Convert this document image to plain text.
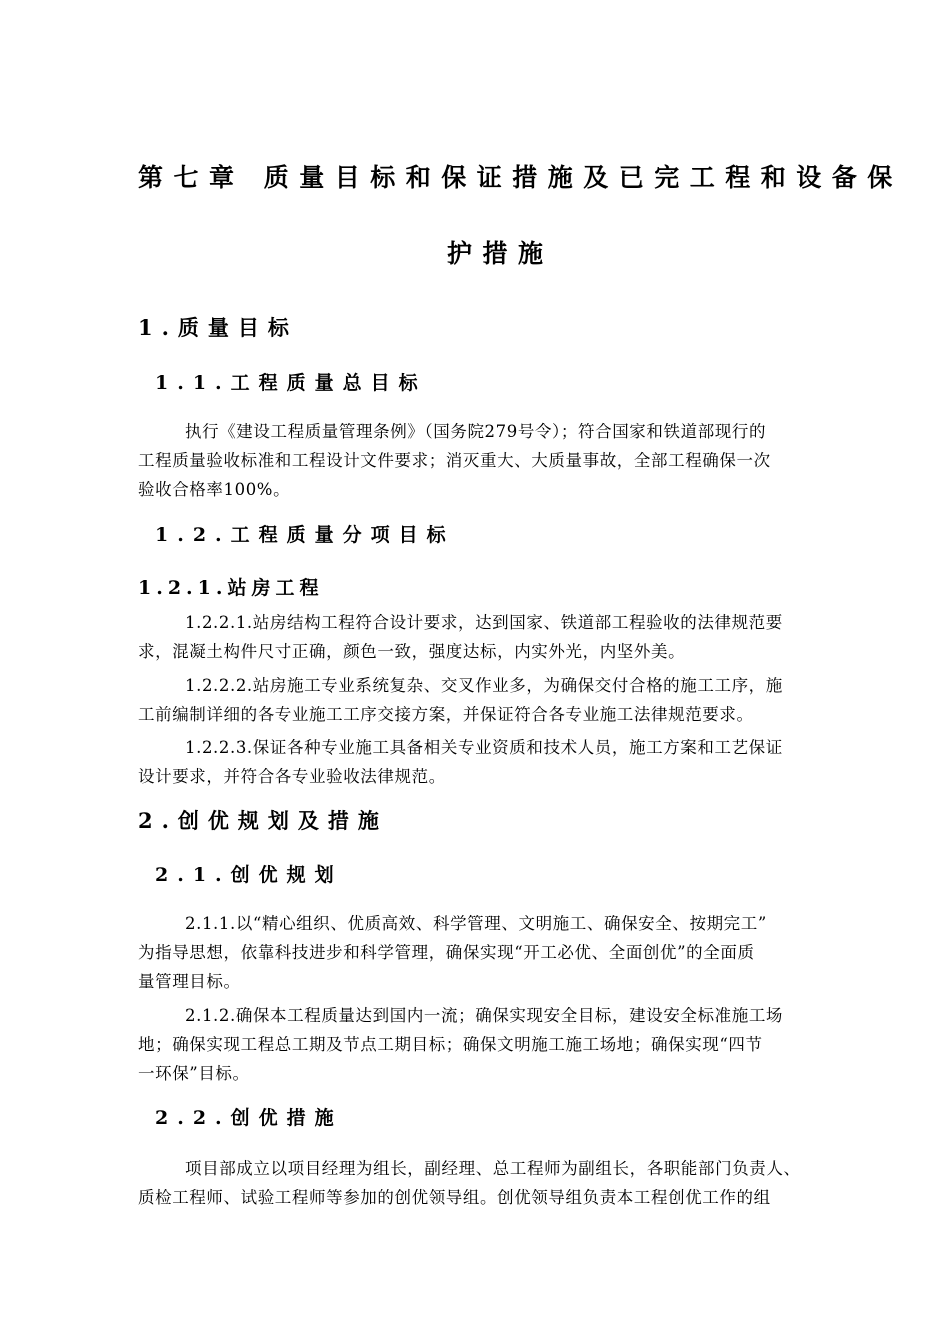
第七章 质量目标和保证措施及已完工程和设备保
护措施
1.质量目标
1.1.工程质量总目标
执行《建设工程质量管理条例》（国务院279号令）；符合国家和铁道部现行的
工程质量验收标准和工程设计文件要求；消灭重大、大质量事故，全部工程确保一次
验收合格率100%。
1.2.工程质量分项目标
1.2.1.站房工程
1.2.2.1.站房结构工程符合设计要求，达到国家、铁道部工程验收的法律规范要
求，混凝土构件尺寸正确，颜色一致，强度达标，内实外光，内坚外美。
1.2.2.2.站房施工专业系统复杂、交叉作业多，为确保交付合格的施工工序，施
工前编制详细的各专业施工工序交接方案，并保证符合各专业施工法律规范要求。
1.2.2.3.保证各种专业施工具备相关专业资质和技术人员，施工方案和工艺保证
设计要求，并符合各专业验收法律规范。
2.创优规划及措施
2.1.创优规划
2.1.1.以“精心组织、优质高效、科学管理、文明施工、确保安全、按期完工”
为指导思想，依靠科技进步和科学管理，确保实现“开工必优、全面创优”的全面质
量管理目标。
2.1.2.确保本工程质量达到国内一流；确保实现安全目标，建设安全标准施工场
地；确保实现工程总工期及节点工期目标；确保文明施工施工场地；确保实现“四节
一环保”目标。
2.2.创优措施
项目部成立以项目经理为组长，副经理、总工程师为副组长，各职能部门负责人、
质检工程师、试验工程师等参加的创优领导组。创优领导组负责本工程创优工作的组
